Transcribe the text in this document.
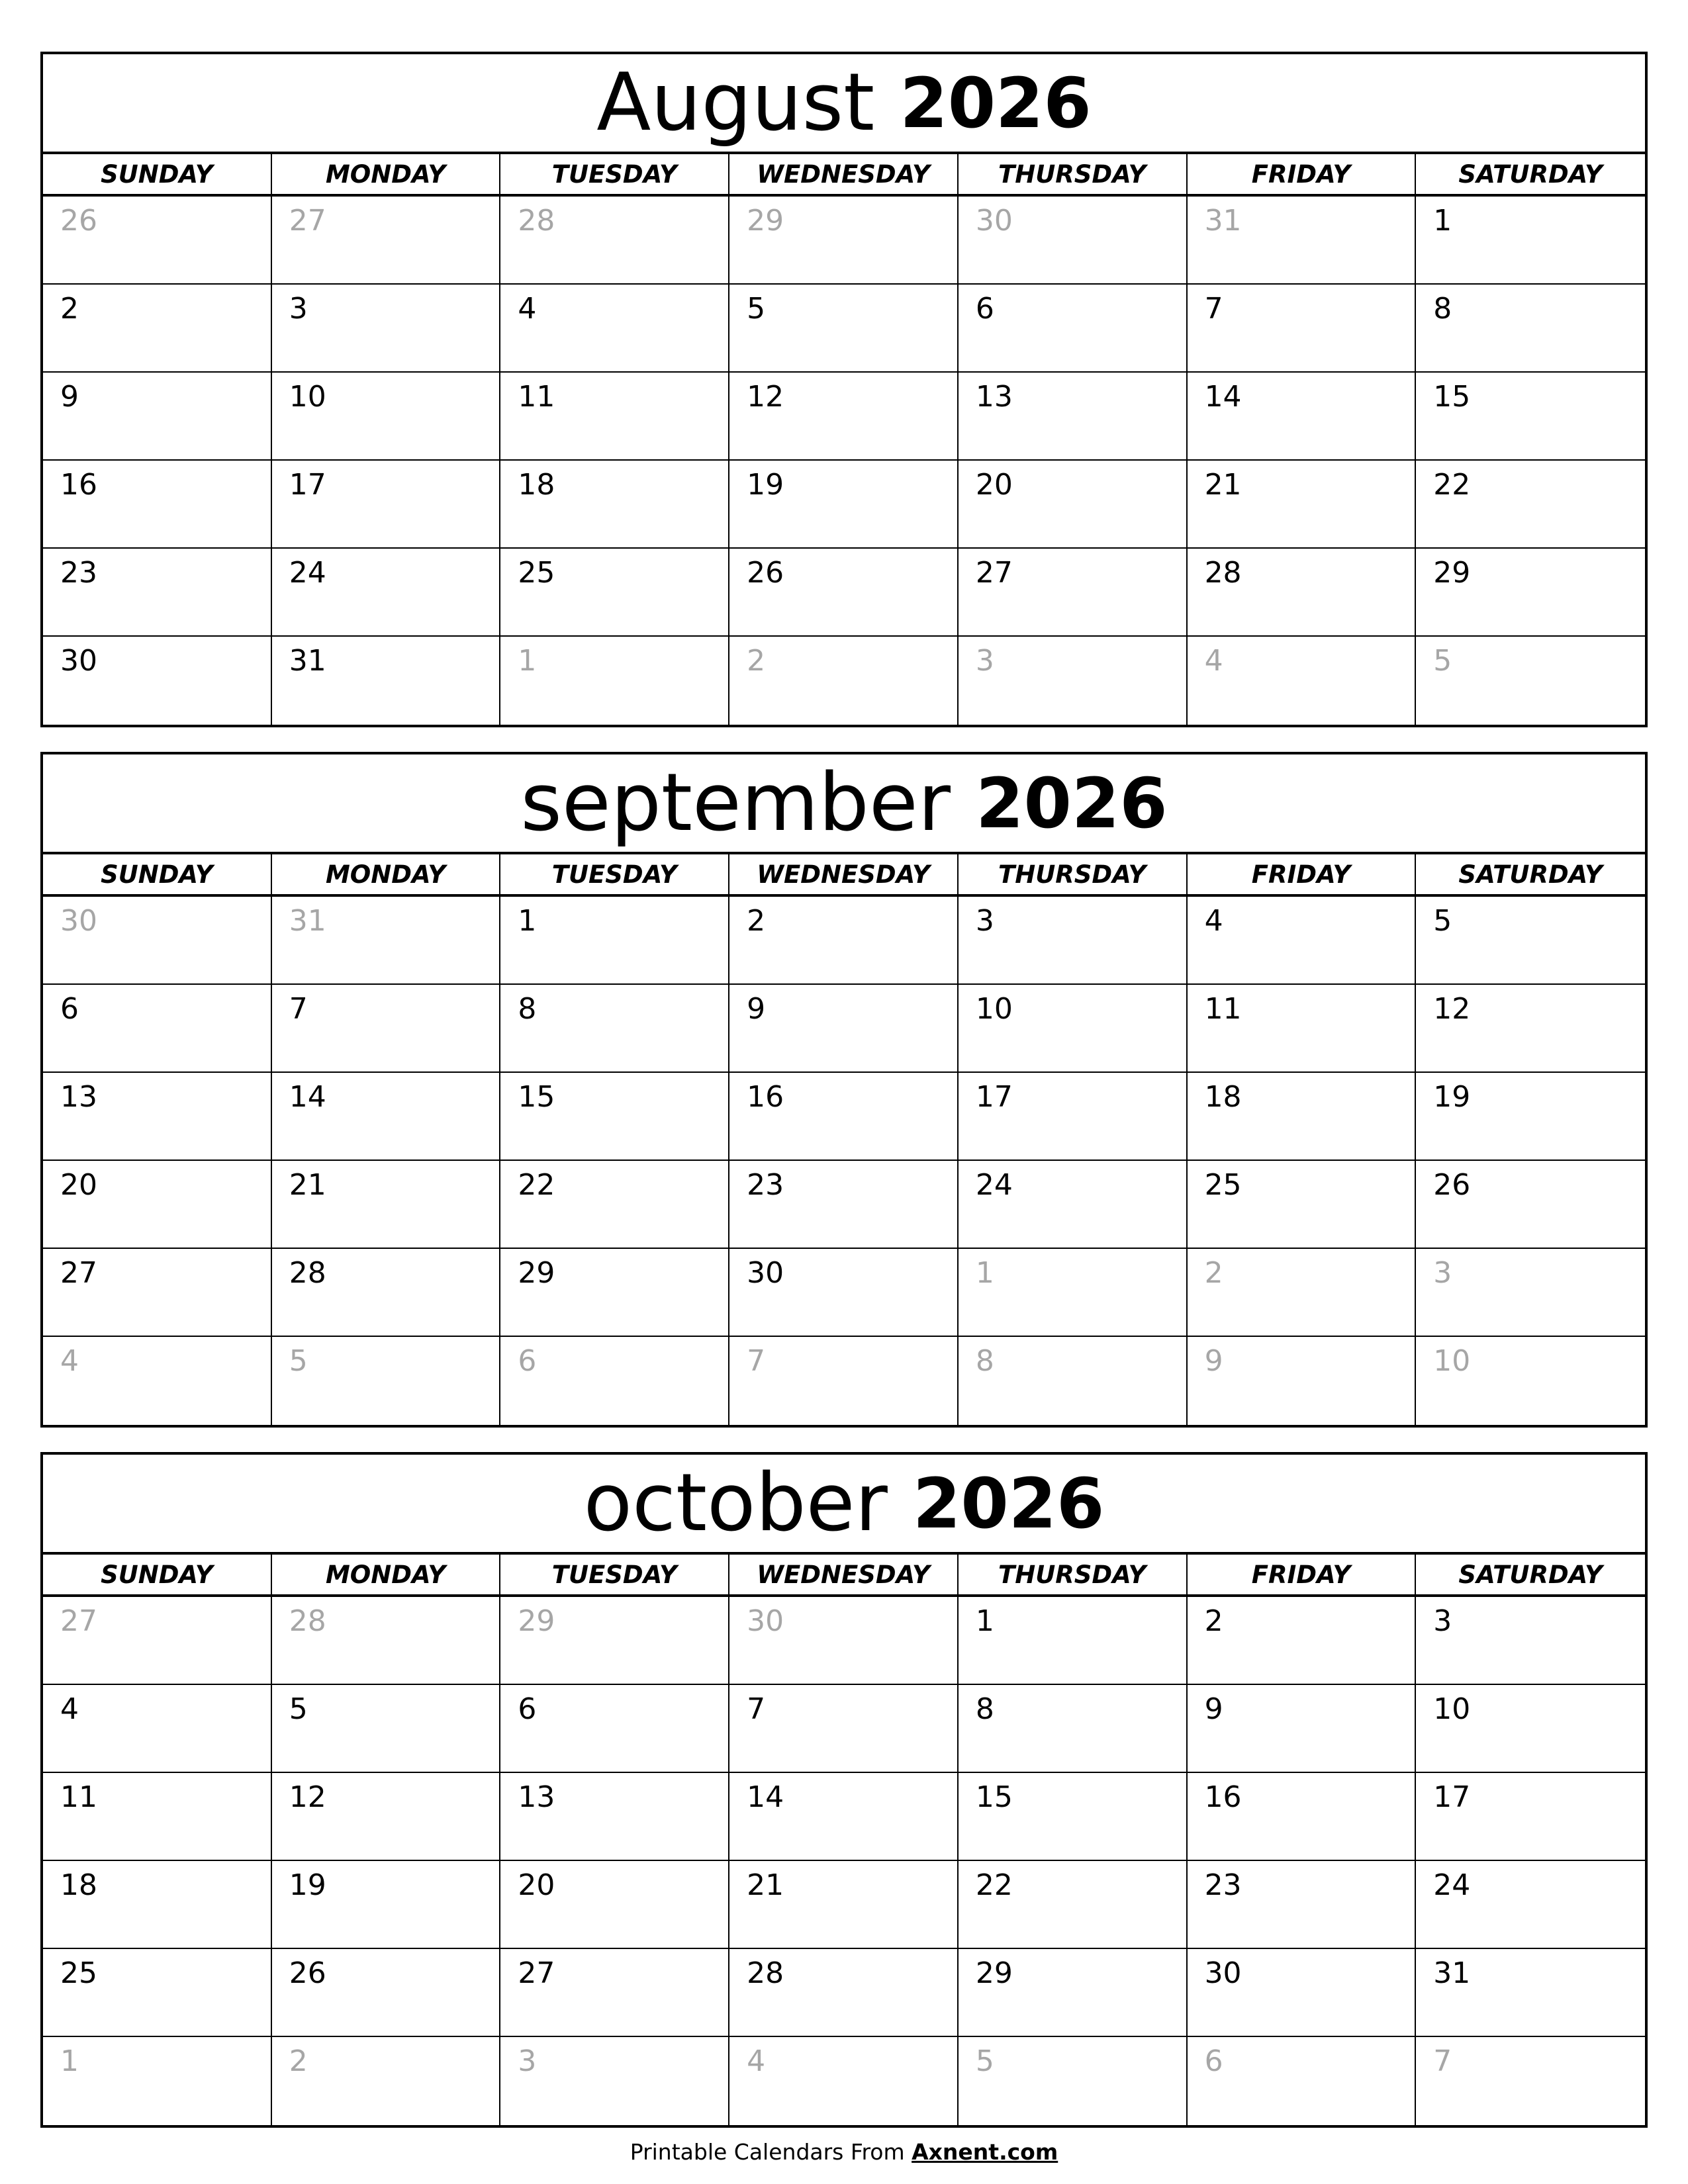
August
2026
SUNDAY	MONDAY	TUESDAY	WEDNESDAY	THURSDAY	FRIDAY	SATURDAY
26	27	28	29	30	31	1
2	3	4	5	6	7	8
9	10	11	12	13	14	15
16	17	18	19	20	21	22
23	24	25	26	27	28	29
30	31	1	2	3	4	5
september
2026
SUNDAY	MONDAY	TUESDAY	WEDNESDAY	THURSDAY	FRIDAY	SATURDAY
30	31	1	2	3	4	5
6	7	8	9	10	11	12
13	14	15	16	17	18	19
20	21	22	23	24	25	26
27	28	29	30	1	2	3
4	5	6	7	8	9	10
october
2026
SUNDAY	MONDAY	TUESDAY	WEDNESDAY	THURSDAY	FRIDAY	SATURDAY
27	28	29	30	1	2	3
4	5	6	7	8	9	10
11	12	13	14	15	16	17
18	19	20	21	22	23	24
25	26	27	28	29	30	31
1	2	3	4	5	6	7
Printable Calendars From Axnent.com
